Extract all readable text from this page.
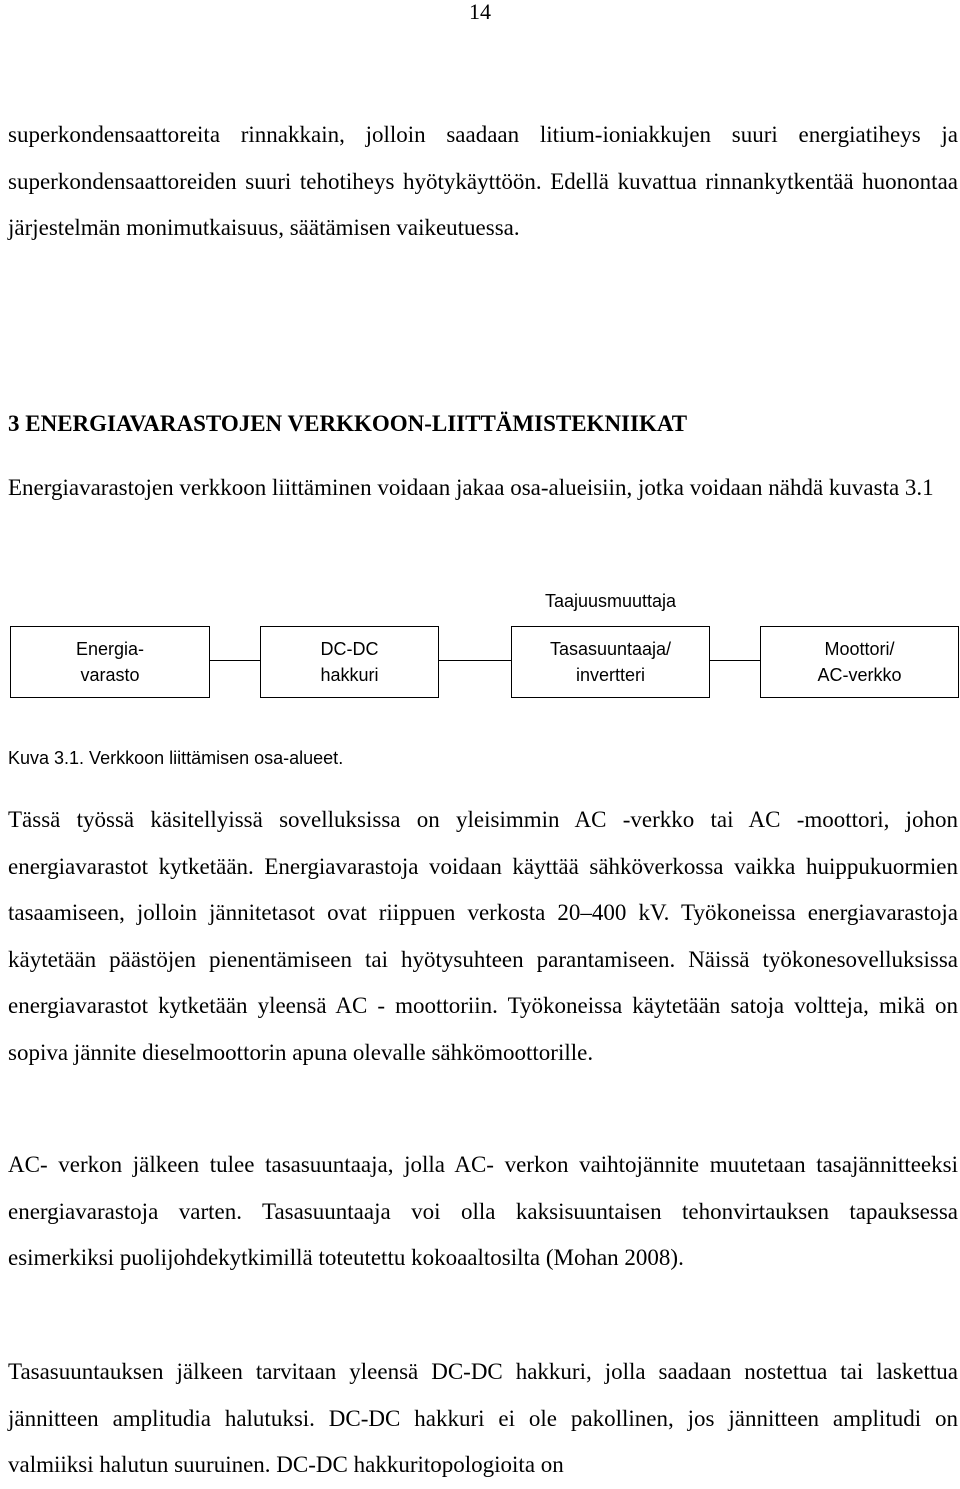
14

superkondensaattoreita rinnakkain, jolloin saadaan litium-ioniakkujen suuri energiatiheys ja superkondensaattoreiden suuri tehotiheys hyötykäyttöön. Edellä kuvattua rinnankytkentää huonontaa järjestelmän monimutkaisuus, säätämisen vaikeutuessa.

3 ENERGIAVARASTOJEN VERKKOON-LIITTÄMISTEKNIIKAT

Energiavarastojen verkkoon liittäminen voidaan jakaa osa-alueisiin, jotka voidaan nähdä kuvasta 3.1

Taajuusmuuttaja
Energia-
varasto
DC-DC
hakkuri
Tasasuuntaaja/
invertteri
Moottori/
AC-verkko

Kuva 3.1. Verkkoon liittämisen osa-alueet.

Tässä työssä käsitellyissä sovelluksissa on yleisimmin AC -verkko tai AC -moottori, johon energiavarastot kytketään. Energiavarastoja voidaan käyttää sähköverkossa vaikka huippukuormien tasaamiseen, jolloin jännitetasot ovat riippuen verkosta 20–400 kV. Työkoneissa energiavarastoja käytetään päästöjen pienentämiseen tai hyötysuhteen parantamiseen. Näissä työkonesovelluksissa energiavarastot kytketään yleensä AC - moottoriin. Työkoneissa käytetään satoja voltteja, mikä on sopiva jännite dieselmoottorin apuna olevalle sähkömoottorille.

AC- verkon jälkeen tulee tasasuuntaaja, jolla AC- verkon vaihtojännite muutetaan tasajännitteeksi energiavarastoja varten. Tasasuuntaaja voi olla kaksisuuntaisen tehonvirtauksen tapauksessa esimerkiksi puolijohdekytkimillä toteutettu kokoaaltosilta (Mohan 2008).

Tasasuuntauksen jälkeen tarvitaan yleensä DC-DC hakkuri, jolla saadaan nostettua tai laskettua jännitteen amplitudia halutuksi. DC-DC hakkuri ei ole pakollinen, jos jännitteen amplitudi on valmiiksi halutun suuruinen. DC-DC hakkuritopologioita on
